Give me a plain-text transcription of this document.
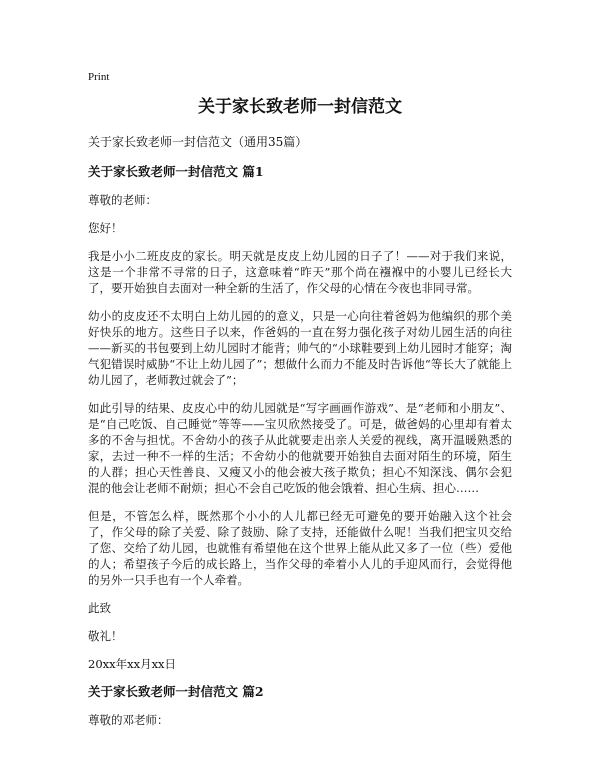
Print
关于家长致老师一封信范文
关于家长致老师一封信范文（通用35篇）
关于家长致老师一封信范文 篇1
尊敬的老师：
您好！
我是小小二班皮皮的家长。明天就是皮皮上幼儿园的日子了！——对于我们来说，这是一个非常不寻常的日子，这意味着“昨天”那个尚在襁褓中的小婴儿已经长大了，要开始独自去面对一种全新的生活了，作父母的心情在今夜也非同寻常。
幼小的皮皮还不太明白上幼儿园的的意义，只是一心向往着爸妈为他编织的那个美好快乐的地方。这些日子以来，作爸妈的一直在努力强化孩子对幼儿园生活的向往——新买的书包要到上幼儿园时才能背；帅气的“小球鞋要到上幼儿园时才能穿；淘气犯错误时威胁“不让上幼儿园了”；想做什么而力不能及时告诉他“等长大了就能上幼儿园了，老师教过就会了”；
如此引导的结果、皮皮心中的幼儿园就是“写字画画作游戏”、是“老师和小朋友”、是“自己吃饭、自己睡觉”等等——宝贝欣然接受了。可是，做爸妈的心里却有着太多的不舍与担忧。不舍幼小的孩子从此就要走出亲人关爱的视线，离开温暖熟悉的家，去过一种不一样的生活；不舍幼小的他就要开始独自去面对陌生的环境，陌生的人群；担心天性善良、又瘦又小的他会被大孩子欺负；担心不知深浅、偶尔会犯混的他会让老师不耐烦；担心不会自己吃饭的他会饿着、担心生病、担心……
但是，不管怎么样，既然那个小小的人儿都已经无可避免的要开始融入这个社会了，作父母的除了关爱、除了鼓励、除了支持，还能做什么呢！当我们把宝贝交给了您、交给了幼儿园，也就惟有希望他在这个世界上能从此又多了一位（些）爱他的人；希望孩子今后的成长路上，当作父母的牵着小人儿的手迎风而行，会觉得他的另外一只手也有一个人牵着。
此致
敬礼！
20xx年xx月xx日
关于家长致老师一封信范文 篇2
尊敬的邓老师：
